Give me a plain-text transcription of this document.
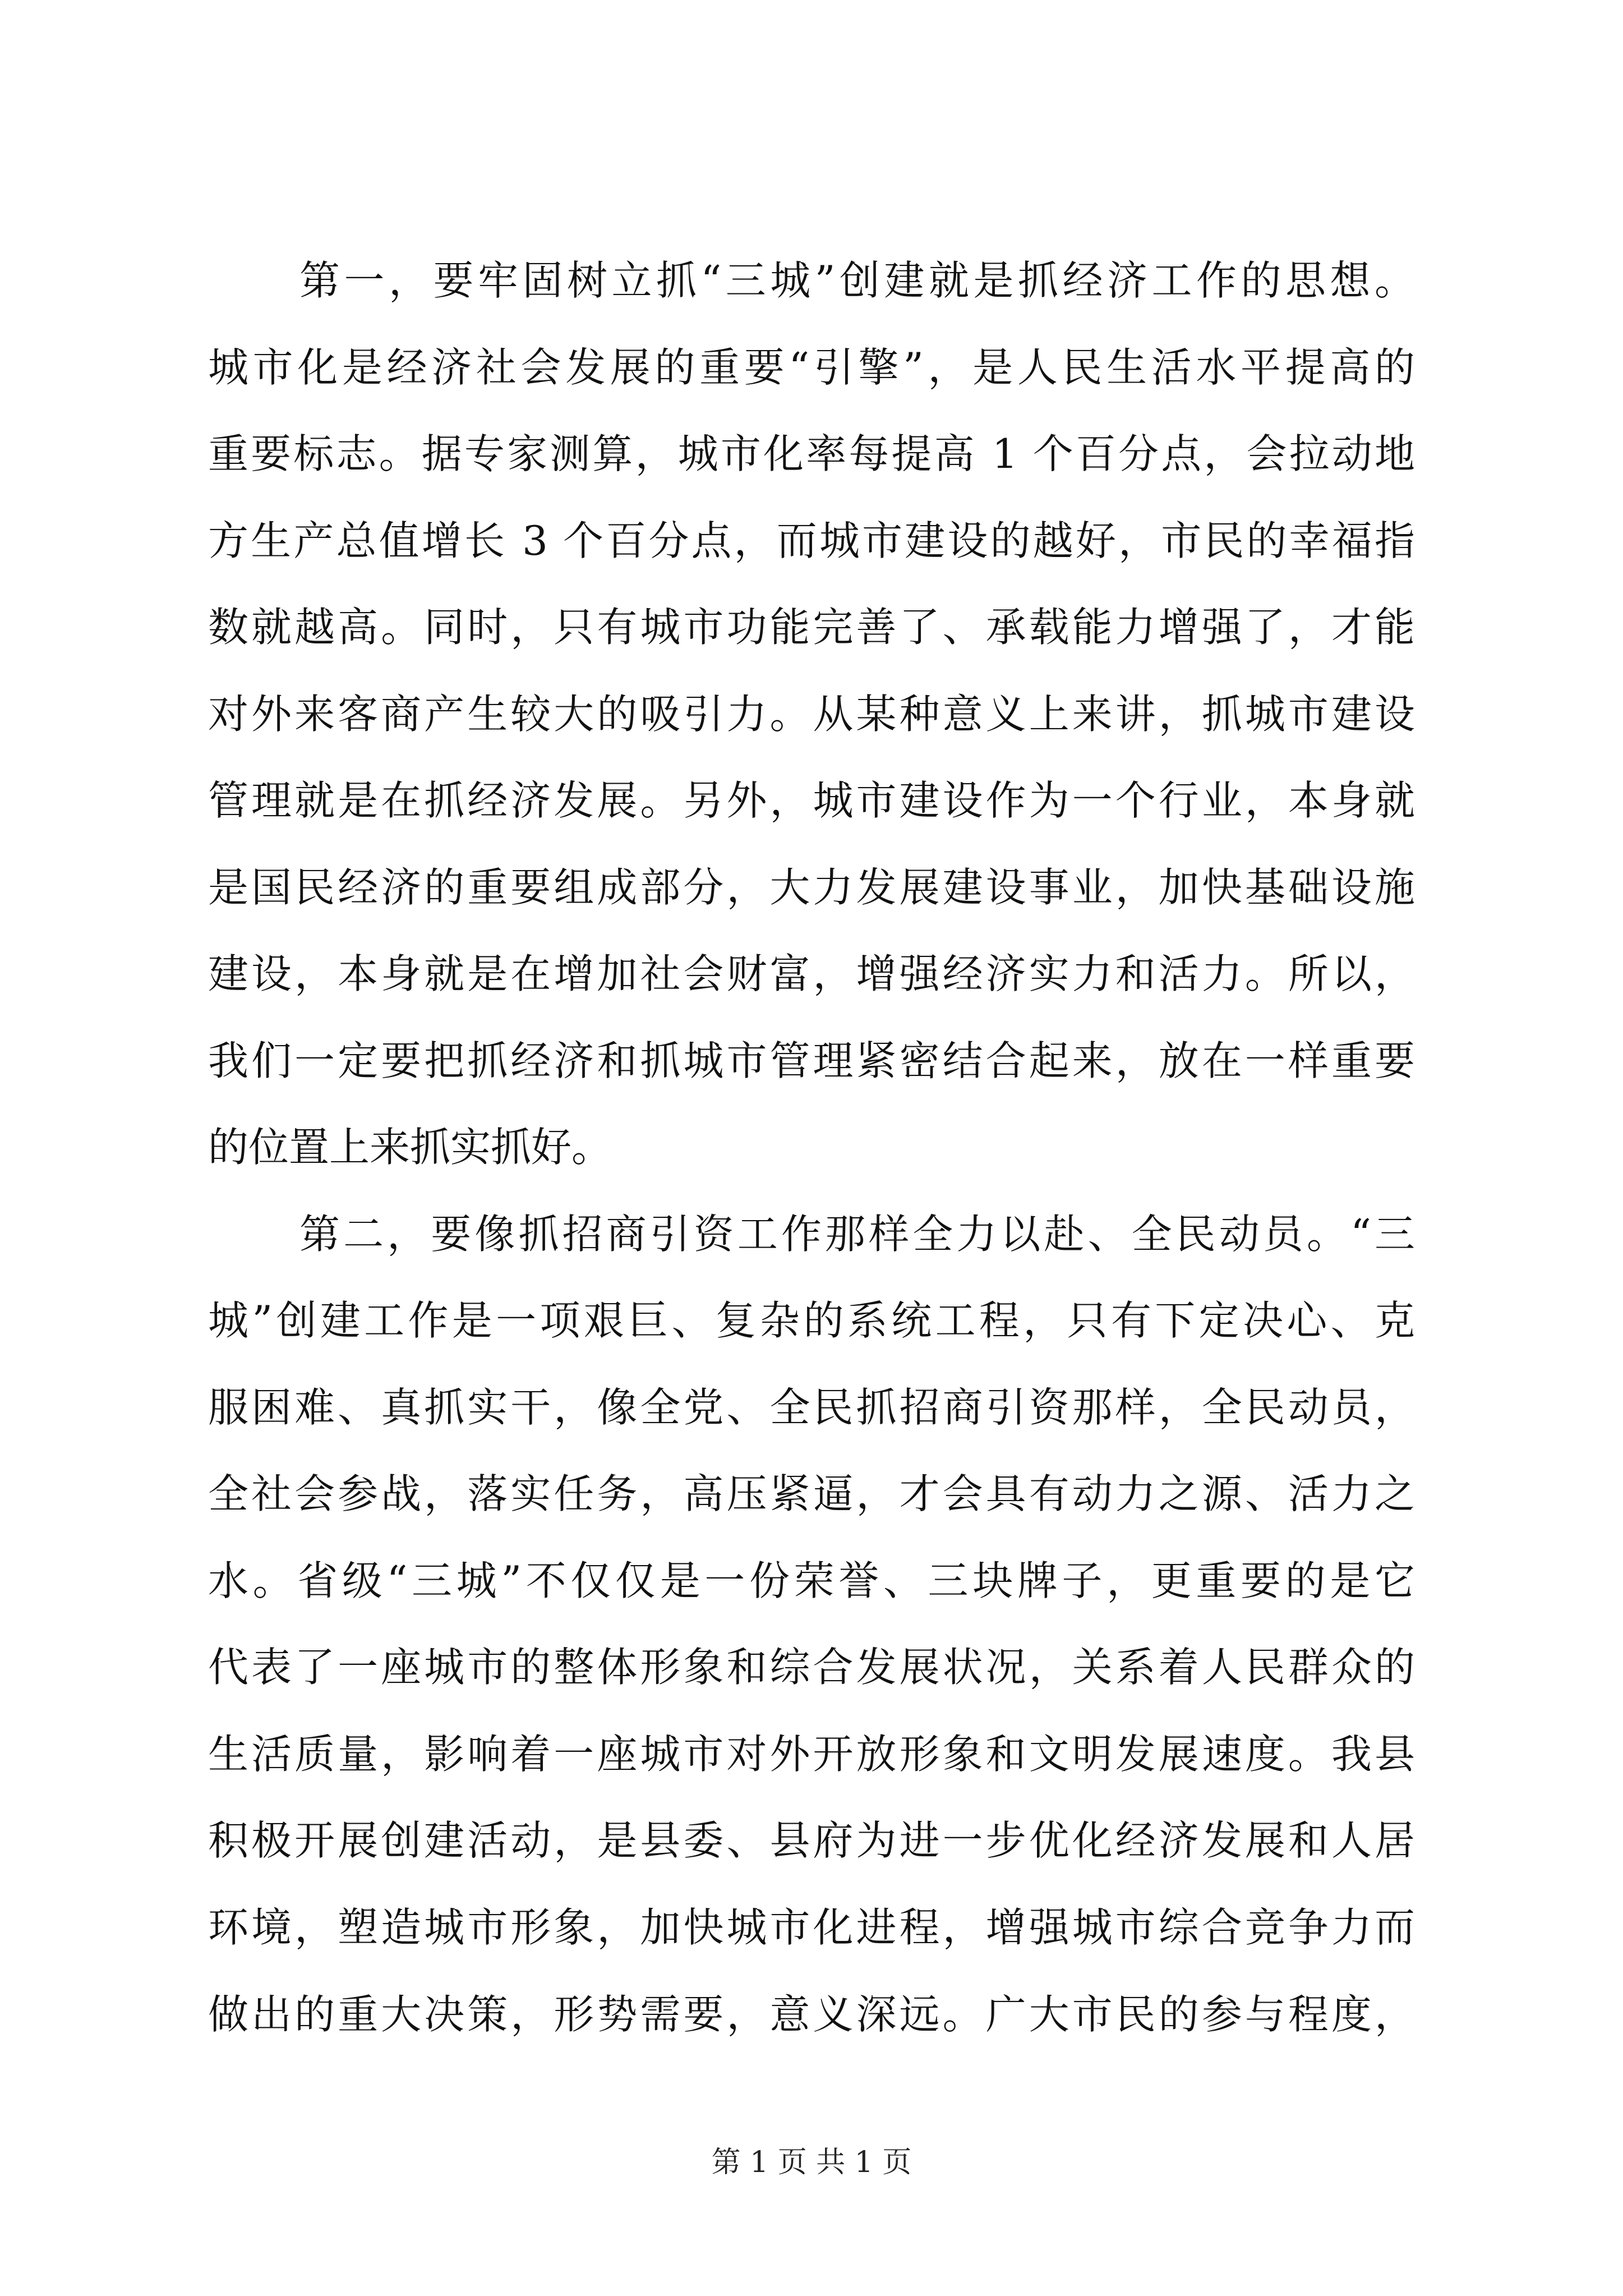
第一，要牢固树立抓“三城”创建就是抓经济工作的思想。

城市化是经济社会发展的重要“引擎”，是人民生活水平提高的

重要标志。据专家测算，城市化率每提高 1 个百分点，会拉动地

方生产总值增长 3 个百分点，而城市建设的越好，市民的幸福指

数就越高。同时，只有城市功能完善了、承载能力增强了，才能

对外来客商产生较大的吸引力。从某种意义上来讲，抓城市建设

管理就是在抓经济发展。另外，城市建设作为一个行业，本身就

是国民经济的重要组成部分，大力发展建设事业，加快基础设施

建设，本身就是在增加社会财富，增强经济实力和活力。所以，

我们一定要把抓经济和抓城市管理紧密结合起来，放在一样重要

的位置上来抓实抓好。

第二，要像抓招商引资工作那样全力以赴、全民动员。“三

城”创建工作是一项艰巨、复杂的系统工程，只有下定决心、克

服困难、真抓实干，像全党、全民抓招商引资那样，全民动员，

全社会参战，落实任务，高压紧逼，才会具有动力之源、活力之

水。省级“三城”不仅仅是一份荣誉、三块牌子，更重要的是它

代表了一座城市的整体形象和综合发展状况，关系着人民群众的

生活质量，影响着一座城市对外开放形象和文明发展速度。我县

积极开展创建活动，是县委、县府为进一步优化经济发展和人居

环境，塑造城市形象，加快城市化进程，增强城市综合竞争力而

做出的重大决策，形势需要，意义深远。广大市民的参与程度，

第 1 页 共 1 页
